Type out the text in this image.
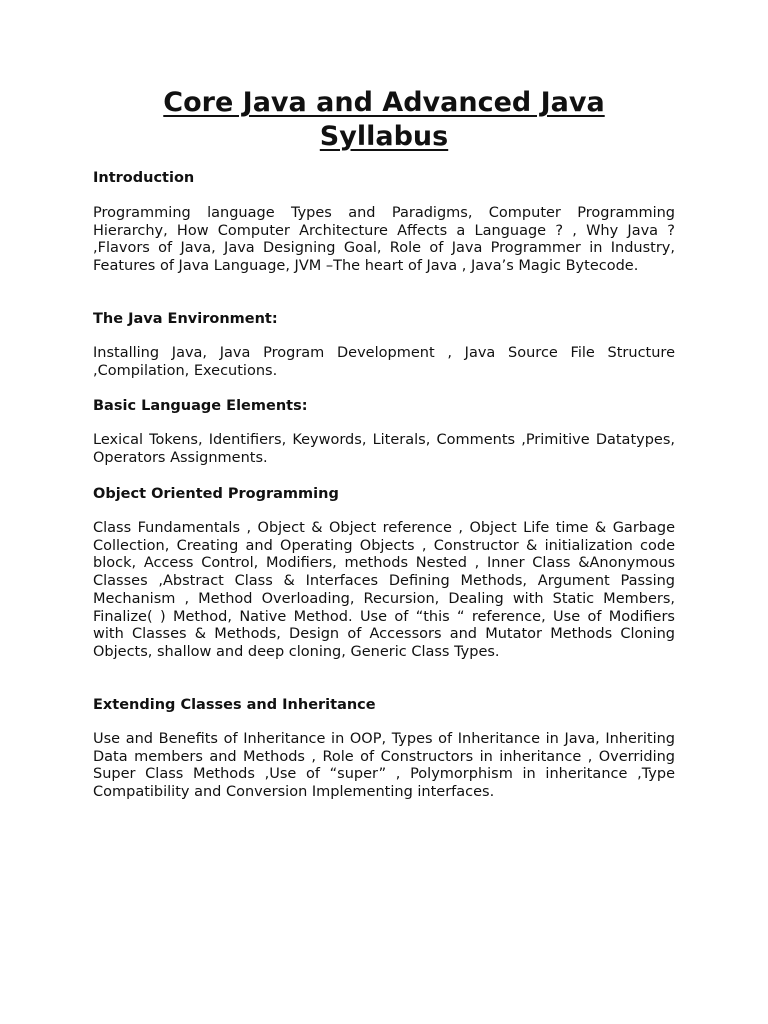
Core Java and Advanced Java
Syllabus
Introduction

Programming language Types and Paradigms, Computer Programming Hierarchy, How Computer Architecture Affects a Language ? , Why Java ? ,Flavors of Java, Java Designing Goal, Role of Java Programmer in Industry, Features of Java Language, JVM –The heart of Java , Java’s Magic Bytecode.

The Java Environment:

Installing Java, Java Program Development , Java Source File Structure ,Compilation, Executions.

Basic Language Elements:

Lexical Tokens, Identifiers, Keywords, Literals, Comments ,Primitive Datatypes, Operators Assignments.

Object Oriented Programming

Class Fundamentals , Object & Object reference , Object Life time & Garbage Collection, Creating and Operating Objects , Constructor & initialization code block, Access Control, Modifiers, methods Nested , Inner Class &Anonymous Classes ,Abstract Class & Interfaces Defining Methods, Argument Passing Mechanism , Method Overloading, Recursion, Dealing with Static Members, Finalize( ) Method, Native Method. Use of “this “ reference, Use of Modifiers with Classes & Methods, Design of Accessors and Mutator Methods Cloning Objects, shallow and deep cloning, Generic Class Types.

Extending Classes and Inheritance

Use and Benefits of Inheritance in OOP, Types of Inheritance in Java, Inheriting Data members and Methods , Role of Constructors in inheritance , Overriding Super Class Methods ,Use of “super” , Polymorphism in inheritance ,Type Compatibility and Conversion Implementing interfaces.
